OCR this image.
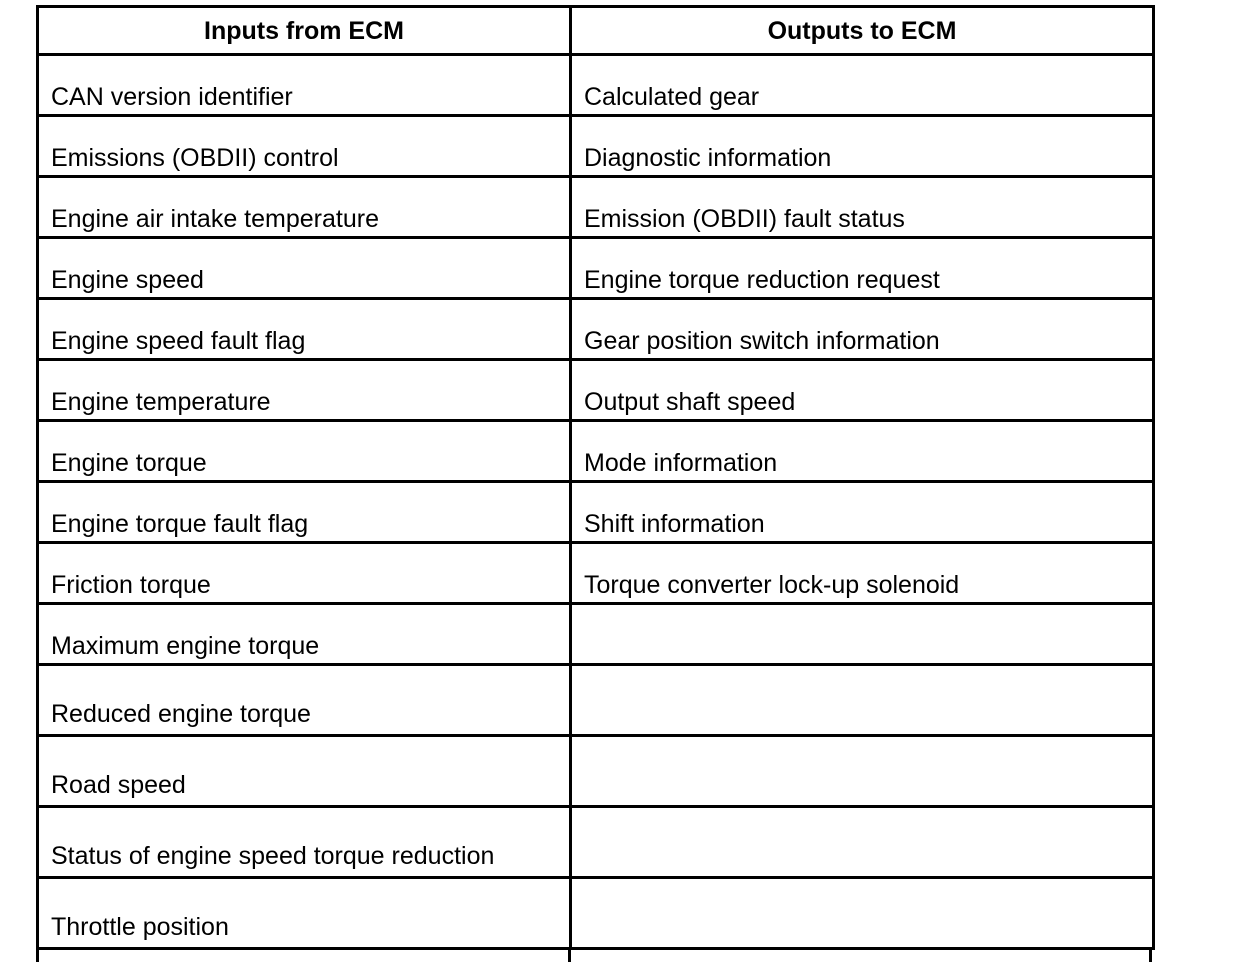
Inputs from ECM	Outputs to ECM
CAN version identifier	Calculated gear
Emissions (OBDII) control	Diagnostic information
Engine air intake temperature	Emission (OBDII) fault status
Engine speed	Engine torque reduction request
Engine speed fault flag	Gear position switch information
Engine temperature	Output shaft speed
Engine torque	Mode information
Engine torque fault flag	Shift information
Friction torque	Torque converter lock-up solenoid
Maximum engine torque	
Reduced engine torque	
Road speed	
Status of engine speed torque reduction	
Throttle position	
